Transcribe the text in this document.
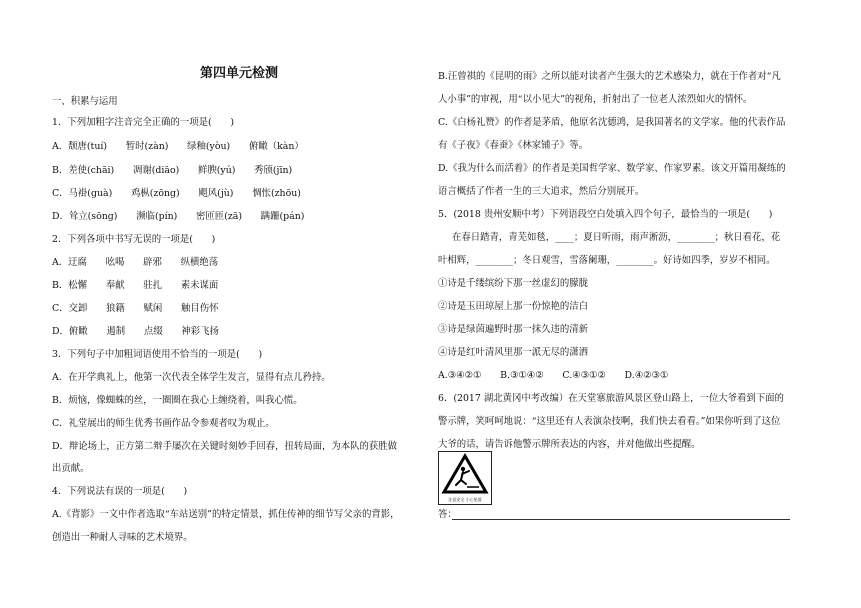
第四单元检测
一、积累与运用
1．下列加粗字注音完全正确的一项是(　　)
A．颓唐(tuí)　　暂时(zàn)　　绿釉(yòu)　　俯瞰（kàn）
B．差使(chāi)　　凋谢(diāo)　　鲜腴(yú)　　秀颀(jīn)
C．马褂(guà)　　鸡枞(zōng)　　飓风(jù)　　惆怅(zhōu)
D．耸立(sōng)　　濒临(pín)　　密匝匝(zā)　　蹒跚(pán)
2．下列各项中书写无误的一项是(　　)
A．迂腐　　吆喝　　辟邪　　纵横绝荡
B．松懈　　奉献　　驻扎　　素未谋面
C．交卸　　狼籍　　赋闲　　触目伤怀
D．俯瞰　　遏制　　点缀　　神彩飞扬
3．下列句子中加粗词语使用不恰当的一项是(　　)
A．在开学典礼上，他第一次代表全体学生发言，显得有点儿矜持。
B．烦恼，像蜘蛛的丝，一圈圈在我心上缠绕着，叫我心慌。
C．礼堂展出的师生优秀书画作品令参观者叹为观止。
D．辩论场上，正方第二辩手屡次在关键时刻妙手回春，扭转局面，为本队的获胜做
出贡献。
4．下列说法有误的一项是(　　)
A.《背影》一文中作者选取“车站送别”的特定情景，抓住传神的细节写父亲的背影，
创造出一种耐人寻味的艺术境界。
B.汪曾祺的《昆明的雨》之所以能对读者产生强大的艺术感染力，就在于作者对“凡
人小事”的审视，用“以小见大”的视角，折射出了一位老人浓烈如火的情怀。
C.《白杨礼赞》的作者是茅盾，他原名沈德鸿，是我国著名的文学家。他的代表作品
有《子夜》《春蚕》《林家铺子》等。
D.《我为什么而活着》的作者是美国哲学家、数学家、作家罗素。该文开篇用凝练的
语言概括了作者一生的三大追求，然后分别展开。
5．(2018 贵州安顺中考）下列语段空白处填入四个句子，最恰当的一项是(　　)
在春日踏青，青芜如毯，____；夏日听雨，雨声淅沥，________；秋日看花，花
叶相辉，________；冬日观雪，雪落阑珊，________。好诗如四季，岁岁不相同。
①诗是千缕缤纷下那一丝虚幻的朦胧
②诗是玉田琼屋上那一份惊艳的洁白
③诗是绿茵遍野时那一抹久违的清新
④诗是红叶清风里那一派无尽的潇洒
A.③④②①　　B.③①④②　　C.④③①②　　D.④②③①
6．(2017 湖北黄冈中考改编）在天堂寨旅游风景区登山路上，一位大爷看到下面的
警示牌，笑呵呵地说：“这里还有人表演杂技啊，我们快去看看。”如果你听到了这位
大爷的话，请告诉他警示牌所表达的内容，并对他做出些提醒。
注意安全 小心坠落
答：
